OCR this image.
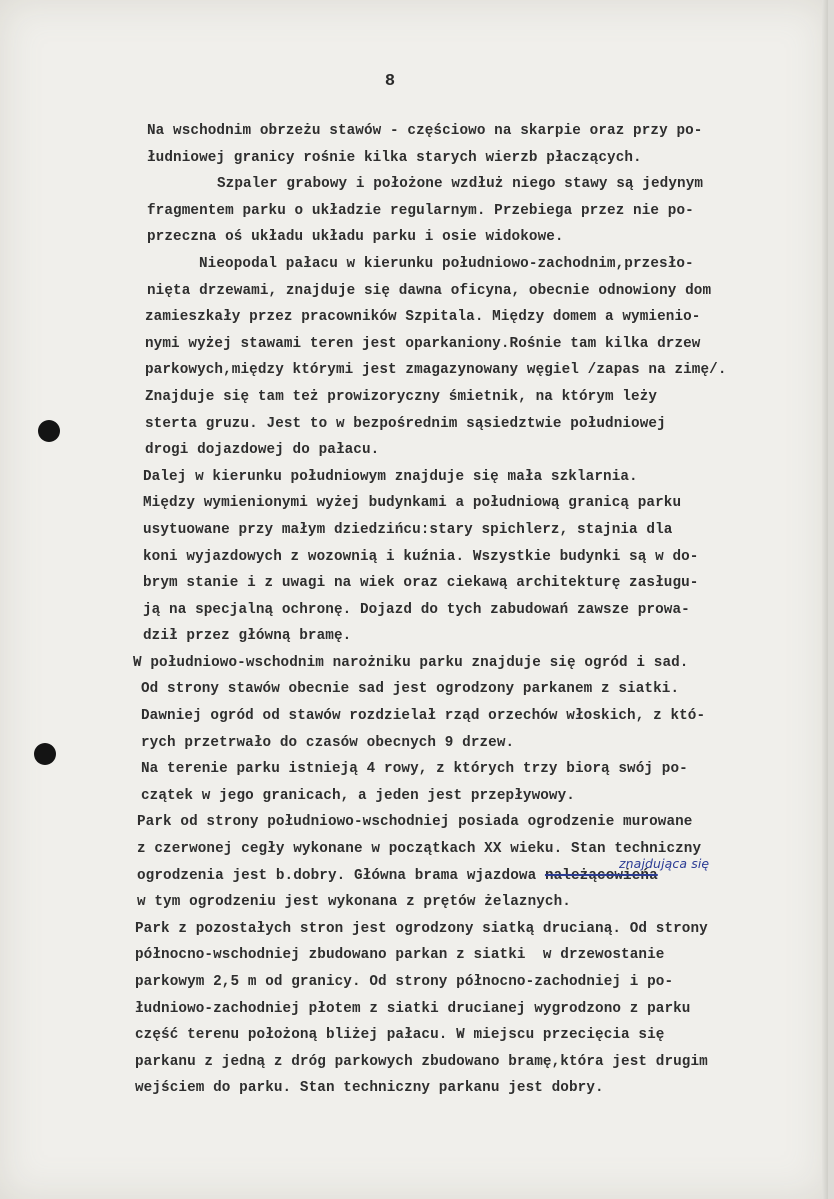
8
Na wschodnim obrzeżu stawów - częściowo na skarpie oraz przy po-
łudniowej granicy rośnie kilka starych wierzb płaczących.
Szpaler grabowy i położone wzdłuż niego stawy są jedynym
fragmentem parku o układzie regularnym. Przebiega przez nie po-
przeczna oś układu układu parku i osie widokowe.
Nieopodal pałacu w kierunku południowo-zachodnim,przesło-
nięta drzewami, znajduje się dawna oficyna, obecnie odnowiony dom
zamieszkały przez pracowników Szpitala. Między domem a wymienio-
nymi wyżej stawami teren jest oparkaniony.Rośnie tam kilka drzew
parkowych,między którymi jest zmagazynowany węgiel /zapas na zimę/.
Znajduje się tam też prowizoryczny śmietnik, na którym leży
sterta gruzu. Jest to w bezpośrednim sąsiedztwie południowej
drogi dojazdowej do pałacu.
Dalej w kierunku południowym znajduje się mała szklarnia.
Między wymienionymi wyżej budynkami a południową granicą parku
usytuowane przy małym dziedzińcu:stary spichlerz, stajnia dla
koni wyjazdowych z wozownią i kuźnia. Wszystkie budynki są w do-
brym stanie i z uwagi na wiek oraz ciekawą architekturę zasługu-
ją na specjalną ochronę. Dojazd do tych zabudowań zawsze prowa-
dził przez główną bramę.
W południowo-wschodnim narożniku parku znajduje się ogród i sad.
Od strony stawów obecnie sad jest ogrodzony parkanem z siatki.
Dawniej ogród od stawów rozdzielał rząd orzechów włoskich, z któ-
rych przetrwało do czasów obecnych 9 drzew.
Na terenie parku istnieją 4 rowy, z których trzy biorą swój po-
czątek w jego granicach, a jeden jest przepływowy.
Park od strony południowo-wschodniej posiada ogrodzenie murowane
z czerwonej cegły wykonane w początkach XX wieku. Stan techniczny
ogrodzenia jest b.dobry. Główna brama wjazdowa należącowieńa
znajdująca się
w tym ogrodzeniu jest wykonana z prętów żelaznych.
Park z pozostałych stron jest ogrodzony siatką drucianą. Od strony
północno-wschodniej zbudowano parkan z siatki  w drzewostanie
parkowym 2,5 m od granicy. Od strony północno-zachodniej i po-
łudniowo-zachodniej płotem z siatki drucianej wygrodzono z parku
część terenu położoną bliżej pałacu. W miejscu przecięcia się
parkanu z jedną z dróg parkowych zbudowano bramę,która jest drugim
wejściem do parku. Stan techniczny parkanu jest dobry.
